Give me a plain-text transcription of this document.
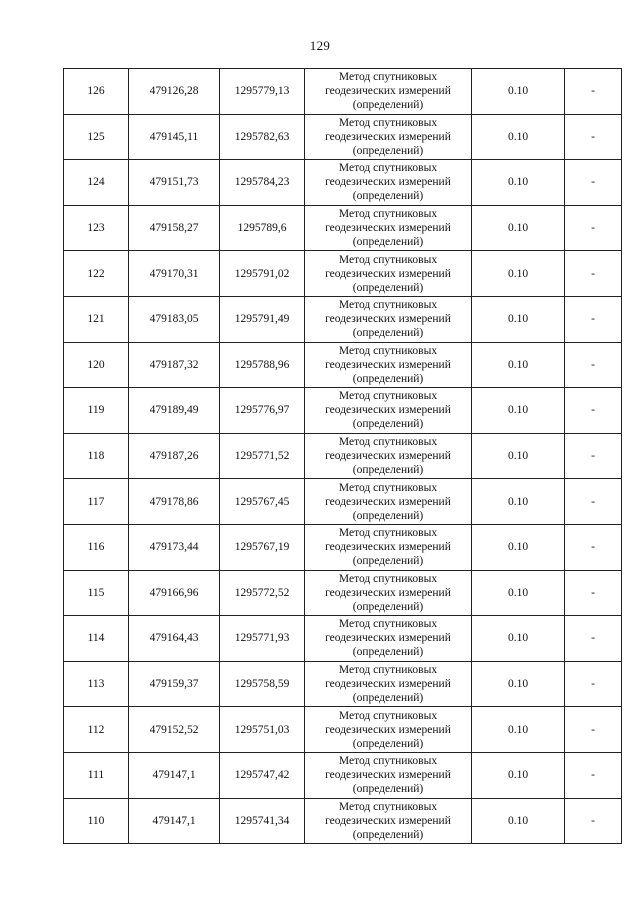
129
126	479126,28	1295779,13	Метод спутниковых
геодезических измерений
(определений)	0.10	-
125	479145,11	1295782,63	Метод спутниковых
геодезических измерений
(определений)	0.10	-
124	479151,73	1295784,23	Метод спутниковых
геодезических измерений
(определений)	0.10	-
123	479158,27	1295789,6	Метод спутниковых
геодезических измерений
(определений)	0.10	-
122	479170,31	1295791,02	Метод спутниковых
геодезических измерений
(определений)	0.10	-
121	479183,05	1295791,49	Метод спутниковых
геодезических измерений
(определений)	0.10	-
120	479187,32	1295788,96	Метод спутниковых
геодезических измерений
(определений)	0.10	-
119	479189,49	1295776,97	Метод спутниковых
геодезических измерений
(определений)	0.10	-
118	479187,26	1295771,52	Метод спутниковых
геодезических измерений
(определений)	0.10	-
117	479178,86	1295767,45	Метод спутниковых
геодезических измерений
(определений)	0.10	-
116	479173,44	1295767,19	Метод спутниковых
геодезических измерений
(определений)	0.10	-
115	479166,96	1295772,52	Метод спутниковых
геодезических измерений
(определений)	0.10	-
114	479164,43	1295771,93	Метод спутниковых
геодезических измерений
(определений)	0.10	-
113	479159,37	1295758,59	Метод спутниковых
геодезических измерений
(определений)	0.10	-
112	479152,52	1295751,03	Метод спутниковых
геодезических измерений
(определений)	0.10	-
111	479147,1	1295747,42	Метод спутниковых
геодезических измерений
(определений)	0.10	-
110	479147,1	1295741,34	Метод спутниковых
геодезических измерений
(определений)	0.10	-
